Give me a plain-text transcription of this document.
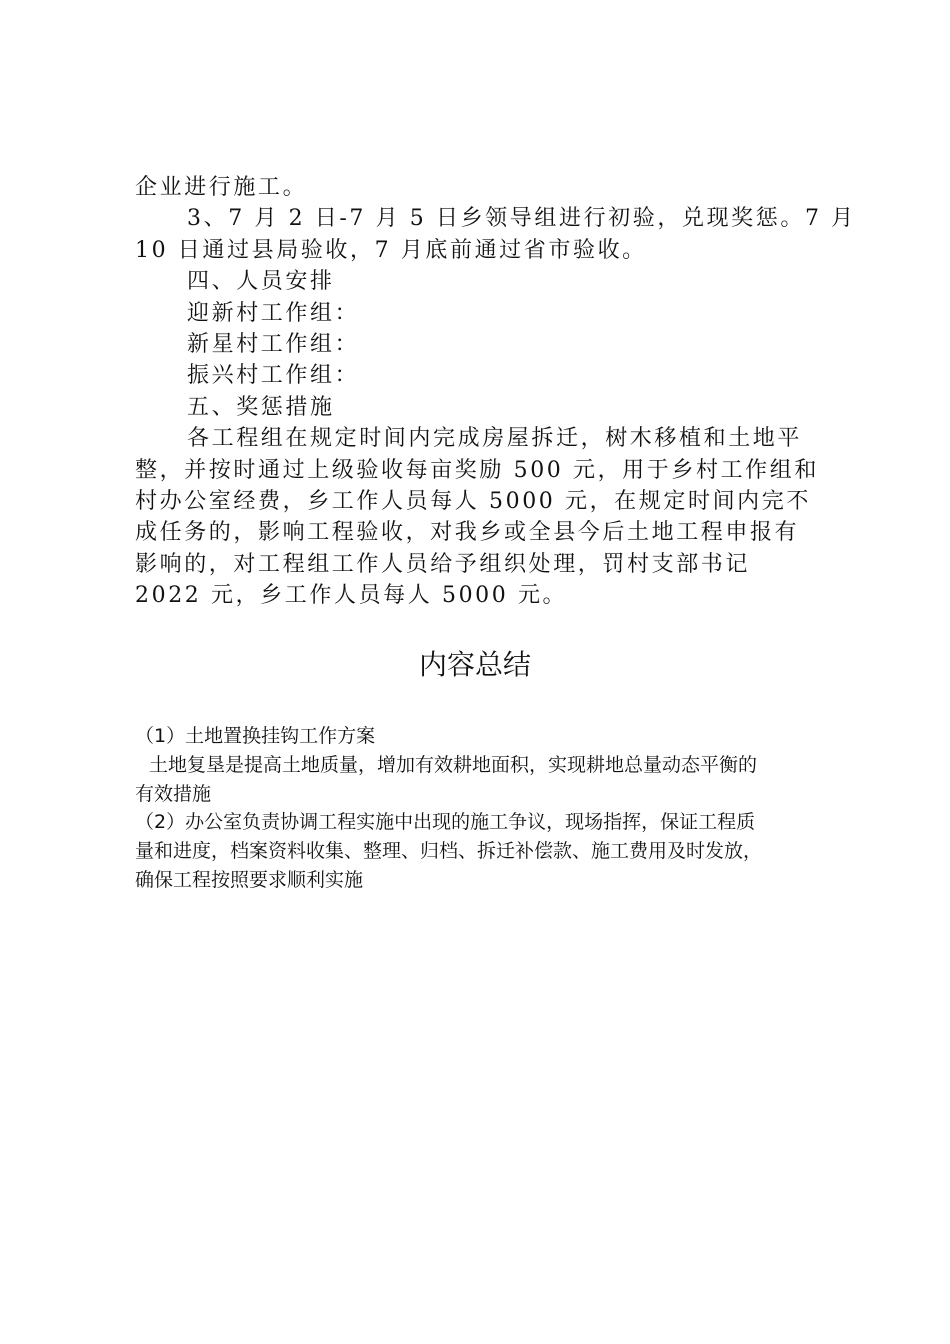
企业进行施工。
3、7 月 2 日-7 月 5 日乡领导组进行初验，兑现奖惩。7 月
10 日通过县局验收，7 月底前通过省市验收。
四、人员安排
迎新村工作组：
新星村工作组：
振兴村工作组：
五、奖惩措施
各工程组在规定时间内完成房屋拆迁，树木移植和土地平
整，并按时通过上级验收每亩奖励 500 元，用于乡村工作组和
村办公室经费，乡工作人员每人 5000 元，在规定时间内完不
成任务的，影响工程验收，对我乡或全县今后土地工程申报有
影响的，对工程组工作人员给予组织处理，罚村支部书记
2022 元，乡工作人员每人 5000 元。
内容总结

（1）土地置换挂钩工作方案

土地复垦是提高土地质量，增加有效耕地面积，实现耕地总量动态平衡的

有效措施

（2）办公室负责协调工程实施中出现的施工争议，现场指挥，保证工程质

量和进度，档案资料收集、整理、归档、拆迁补偿款、施工费用及时发放，

确保工程按照要求顺利实施
